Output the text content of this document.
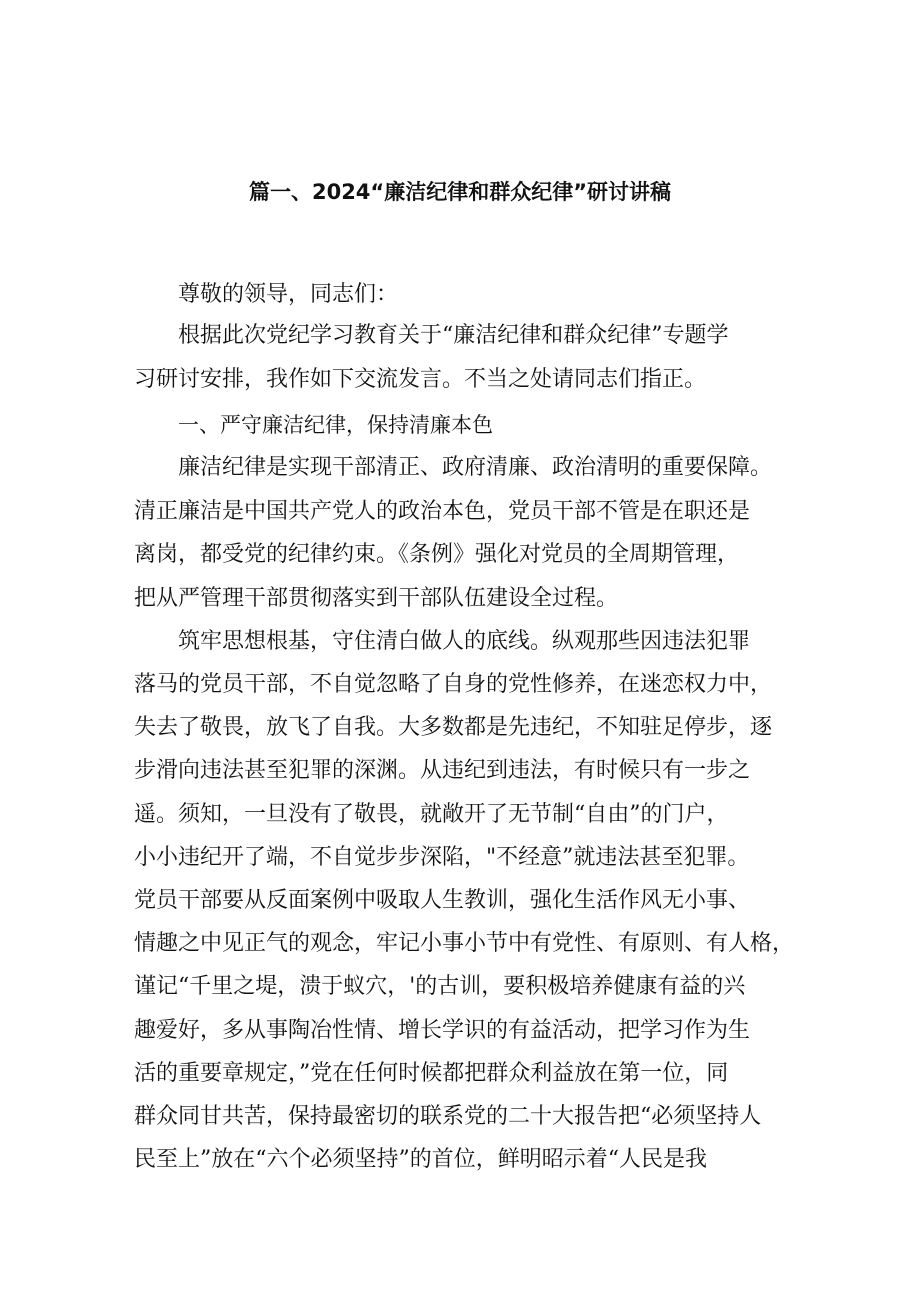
篇一、2024“廉洁纪律和群众纪律”研讨讲稿
尊敬的领导，同志们：
根据此次党纪学习教育关于“廉洁纪律和群众纪律”专题学
习研讨安排，我作如下交流发言。不当之处请同志们指正。
一、严守廉洁纪律，保持清廉本色
廉洁纪律是实现干部清正、政府清廉、政治清明的重要保障。
清正廉洁是中国共产党人的政治本色，党员干部不管是在职还是
离岗，都受党的纪律约束。《条例》强化对党员的全周期管理，
把从严管理干部贯彻落实到干部队伍建设全过程。
筑牢思想根基，守住清白做人的底线。纵观那些因违法犯罪
落马的党员干部，不自觉忽略了自身的党性修养，在迷恋权力中，
失去了敬畏，放飞了自我。大多数都是先违纪，不知驻足停步，逐
步滑向违法甚至犯罪的深渊。从违纪到违法，有时候只有一步之
遥。须知，一旦没有了敬畏，就敞开了无节制“自由”的门户，
小小违纪开了端，不自觉步步深陷，"不经意”就违法甚至犯罪。
党员干部要从反面案例中吸取人生教训，强化生活作风无小事、
情趣之中见正气的观念，牢记小事小节中有党性、有原则、有人格，
谨记“千里之堤，溃于蚁穴，'的古训，要积极培养健康有益的兴
趣爱好，多从事陶冶性情、增长学识的有益活动，把学习作为生
活的重要章规定，”党在任何时候都把群众利益放在第一位，同
群众同甘共苦，保持最密切的联系党的二十大报告把“必须坚持人
民至上”放在“六个必须坚持”的首位，鲜明昭示着“人民是我
